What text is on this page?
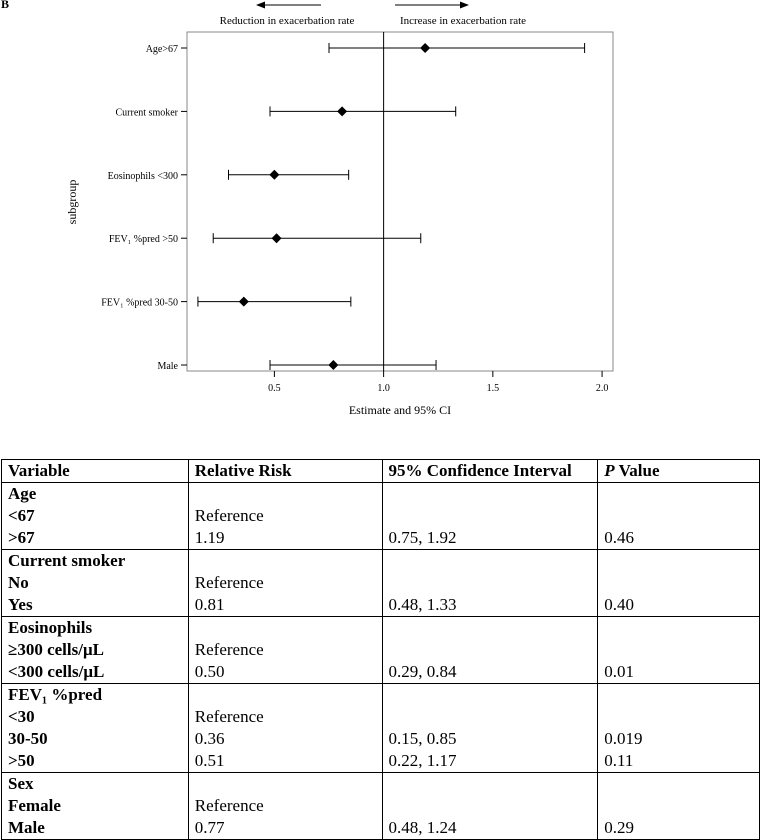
B
Reduction in exacerbation rate	Increase in exacerbation rate
Age>67
Current smoker
Eosinophils <300
FEV₁ %pred >50
FEV₁ %pred 30-50
Male
0.5	1.0	1.5	2.0
Estimate and 95% CI
subgroup
Variable	Relative Risk	95% Confidence Interval	P Value
Age			
<67	Reference		
>67	1.19	0.75, 1.92	0.46
Current smoker			
No	Reference		
Yes	0.81	0.48, 1.33	0.40
Eosinophils			
≥300 cells/μL	Reference		
<300 cells/μL	0.50	0.29, 0.84	0.01
FEV₁ %pred			
<30	Reference		
30-50	0.36	0.15, 0.85	0.019
>50	0.51	0.22, 1.17	0.11
Sex			
Female	Reference		
Male	0.77	0.48, 1.24	0.29
